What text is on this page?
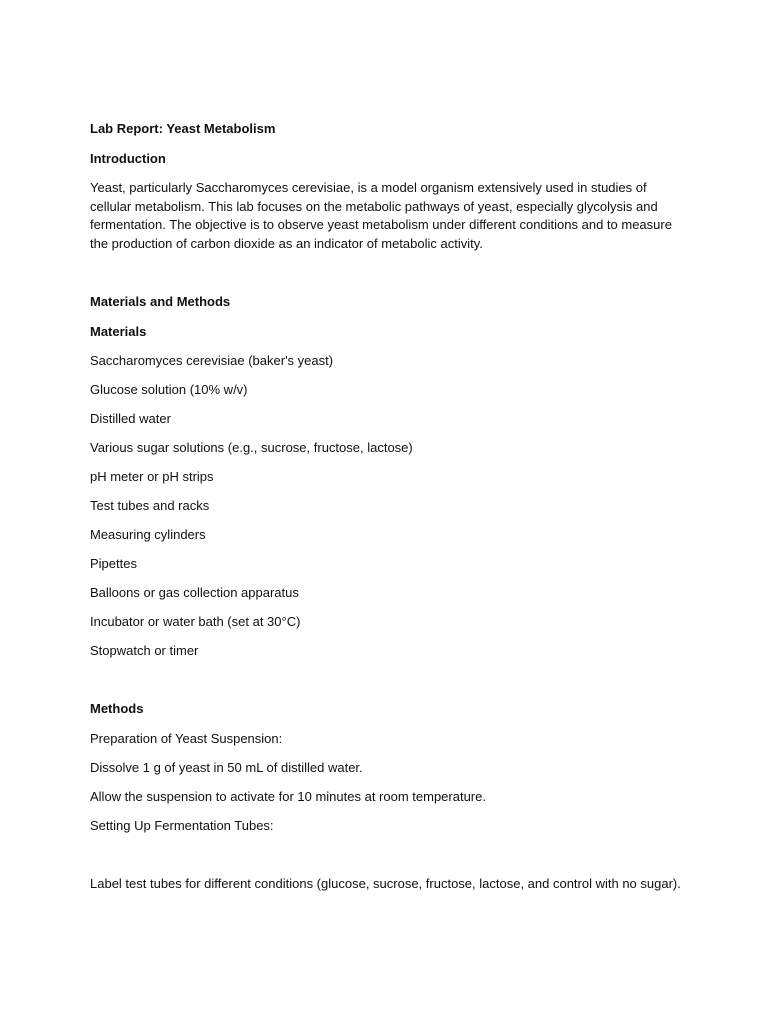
Lab Report: Yeast Metabolism
Introduction
Yeast, particularly Saccharomyces cerevisiae, is a model organism extensively used in studies of cellular metabolism. This lab focuses on the metabolic pathways of yeast, especially glycolysis and fermentation. The objective is to observe yeast metabolism under different conditions and to measure the production of carbon dioxide as an indicator of metabolic activity.
Materials and Methods
Materials
Saccharomyces cerevisiae (baker's yeast)
Glucose solution (10% w/v)
Distilled water
Various sugar solutions (e.g., sucrose, fructose, lactose)
pH meter or pH strips
Test tubes and racks
Measuring cylinders
Pipettes
Balloons or gas collection apparatus
Incubator or water bath (set at 30°C)
Stopwatch or timer
Methods
Preparation of Yeast Suspension:
Dissolve 1 g of yeast in 50 mL of distilled water.
Allow the suspension to activate for 10 minutes at room temperature.
Setting Up Fermentation Tubes:
Label test tubes for different conditions (glucose, sucrose, fructose, lactose, and control with no sugar).
